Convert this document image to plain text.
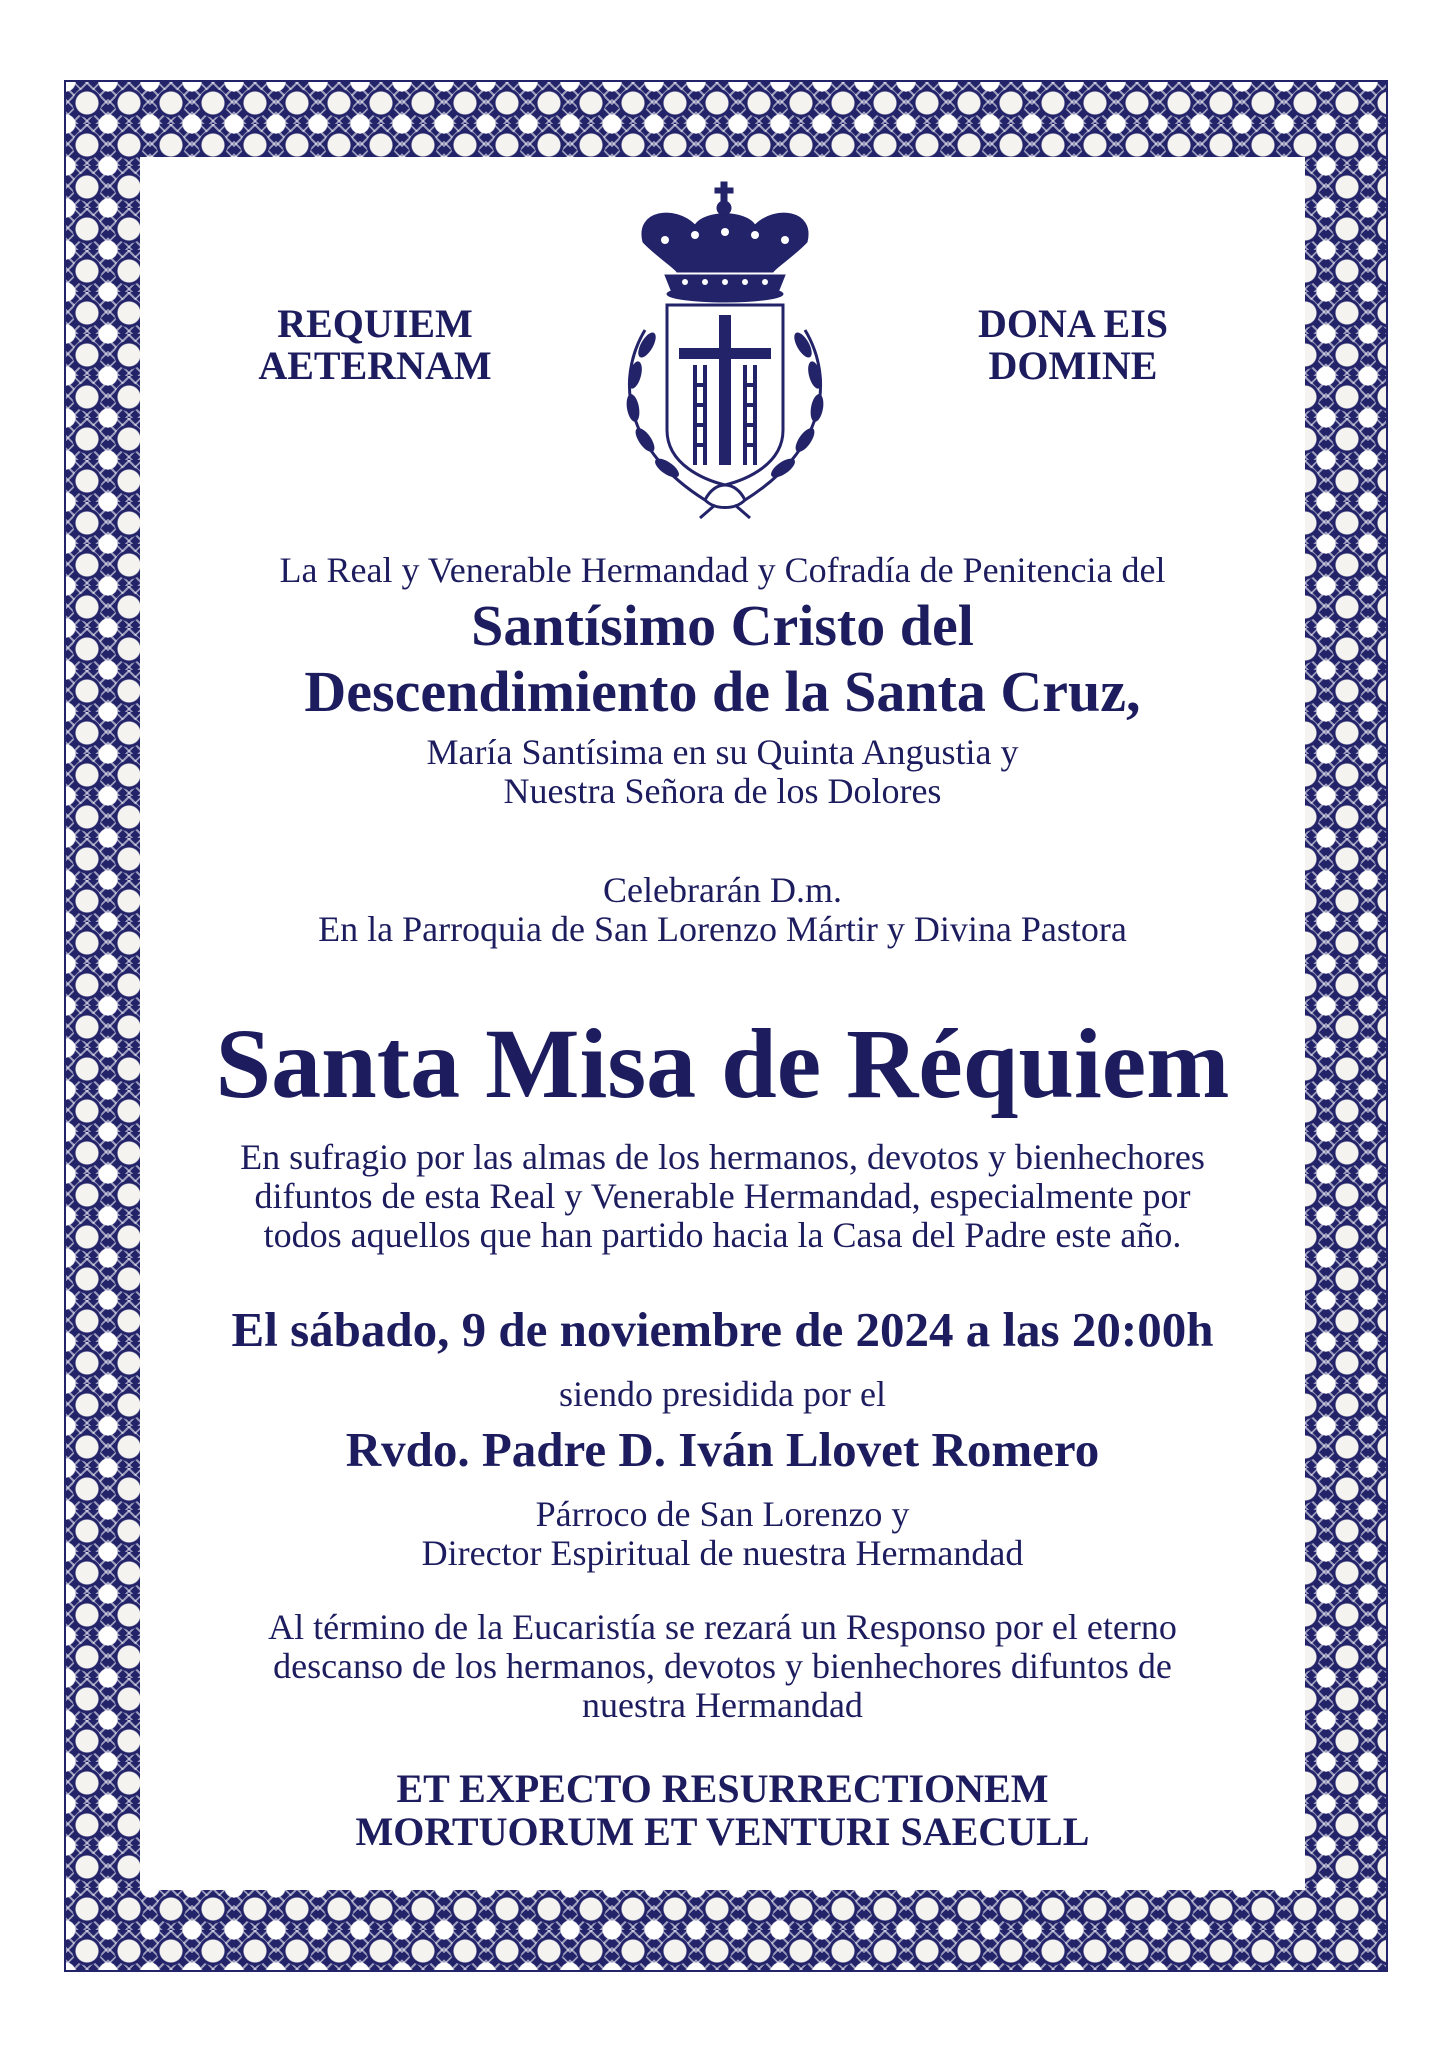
REQUIEM
AETERNAM
DONA EIS
DOMINE
La Real y Venerable Hermandad y Cofradía de Penitencia del
Santísimo Cristo del
Descendimiento de la Santa Cruz,
María Santísima en su Quinta Angustia y
Nuestra Señora de los Dolores
Celebrarán D.m.
En la Parroquia de San Lorenzo Mártir y Divina Pastora
Santa Misa de Réquiem
En sufragio por las almas de los hermanos, devotos y bienhechores
difuntos de esta Real y Venerable Hermandad, especialmente por
todos aquellos que han partido hacia la Casa del Padre este año.
El sábado, 9 de noviembre de 2024 a las 20:00h
siendo presidida por el
Rvdo. Padre D. Iván Llovet Romero
Párroco de San Lorenzo y
Director Espiritual de nuestra Hermandad
Al término de la Eucaristía se rezará un Responso por el eterno
descanso de los hermanos, devotos y bienhechores difuntos de
nuestra Hermandad
ET EXPECTO RESURRECTIONEM
MORTUORUM ET VENTURI SAECULL
